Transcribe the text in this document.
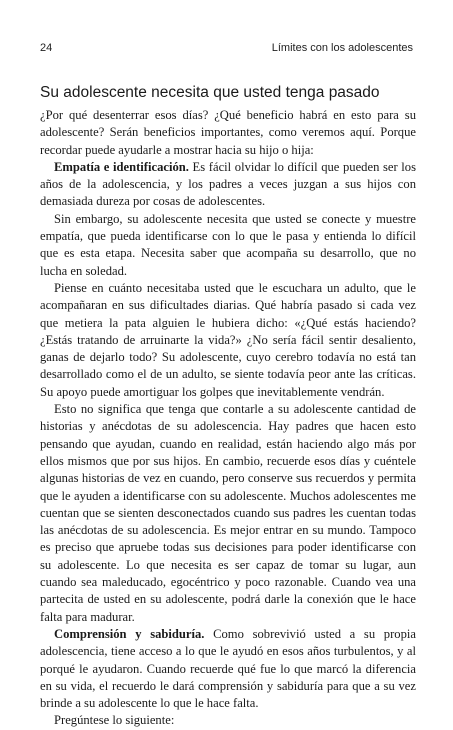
24	Límites con los adolescentes
Su adolescente necesita que usted tenga pasado

¿Por qué desenterrar esos días? ¿Qué beneficio habrá en esto para su adolescente? Serán beneficios importantes, como veremos aquí. Porque recordar puede ayudarle a mostrar hacia su hijo o hija:

Empatía e identificación. Es fácil olvidar lo difícil que pueden ser los años de la adolescencia, y los padres a veces juzgan a sus hijos con demasiada dureza por cosas de adolescentes.

Sin embargo, su adolescente necesita que usted se conecte y muestre empatía, que pueda identificarse con lo que le pasa y entienda lo difícil que es esta etapa. Necesita saber que acompaña su desarrollo, que no lucha en soledad.

Piense en cuánto necesitaba usted que le escuchara un adulto, que le acompañaran en sus dificultades diarias. Qué habría pasado si cada vez que metiera la pata alguien le hubiera dicho: «¿Qué estás haciendo? ¿Estás tratando de arruinarte la vida?» ¿No sería fácil sentir desaliento, ganas de dejarlo todo? Su adolescente, cuyo cerebro todavía no está tan desarrollado como el de un adulto, se siente todavía peor ante las críticas. Su apoyo puede amortiguar los golpes que inevitablemente vendrán.

Esto no significa que tenga que contarle a su adolescente cantidad de historias y anécdotas de su adolescencia. Hay padres que hacen esto pensando que ayudan, cuando en realidad, están haciendo algo más por ellos mismos que por sus hijos. En cambio, recuerde esos días y cuéntele algunas historias de vez en cuando, pero conserve sus recuerdos y permita que le ayuden a identificarse con su adolescente. Muchos adolescentes me cuentan que se sienten desconectados cuando sus padres les cuentan todas las anécdotas de su adolescencia. Es mejor entrar en su mundo. Tampoco es preciso que apruebe todas sus decisiones para poder identificarse con su adolescente. Lo que necesita es ser capaz de tomar su lugar, aun cuando sea maleducado, egocéntrico y poco razonable. Cuando vea una partecita de usted en su adolescente, podrá darle la conexión que le hace falta para madurar.

Comprensión y sabiduría. Como sobrevivió usted a su propia adolescencia, tiene acceso a lo que le ayudó en esos años turbulentos, y al porqué le ayudaron. Cuando recuerde qué fue lo que marcó la diferencia en su vida, el recuerdo le dará comprensión y sabiduría para que a su vez brinde a su adolescente lo que le hace falta.

Pregúntese lo siguiente:
